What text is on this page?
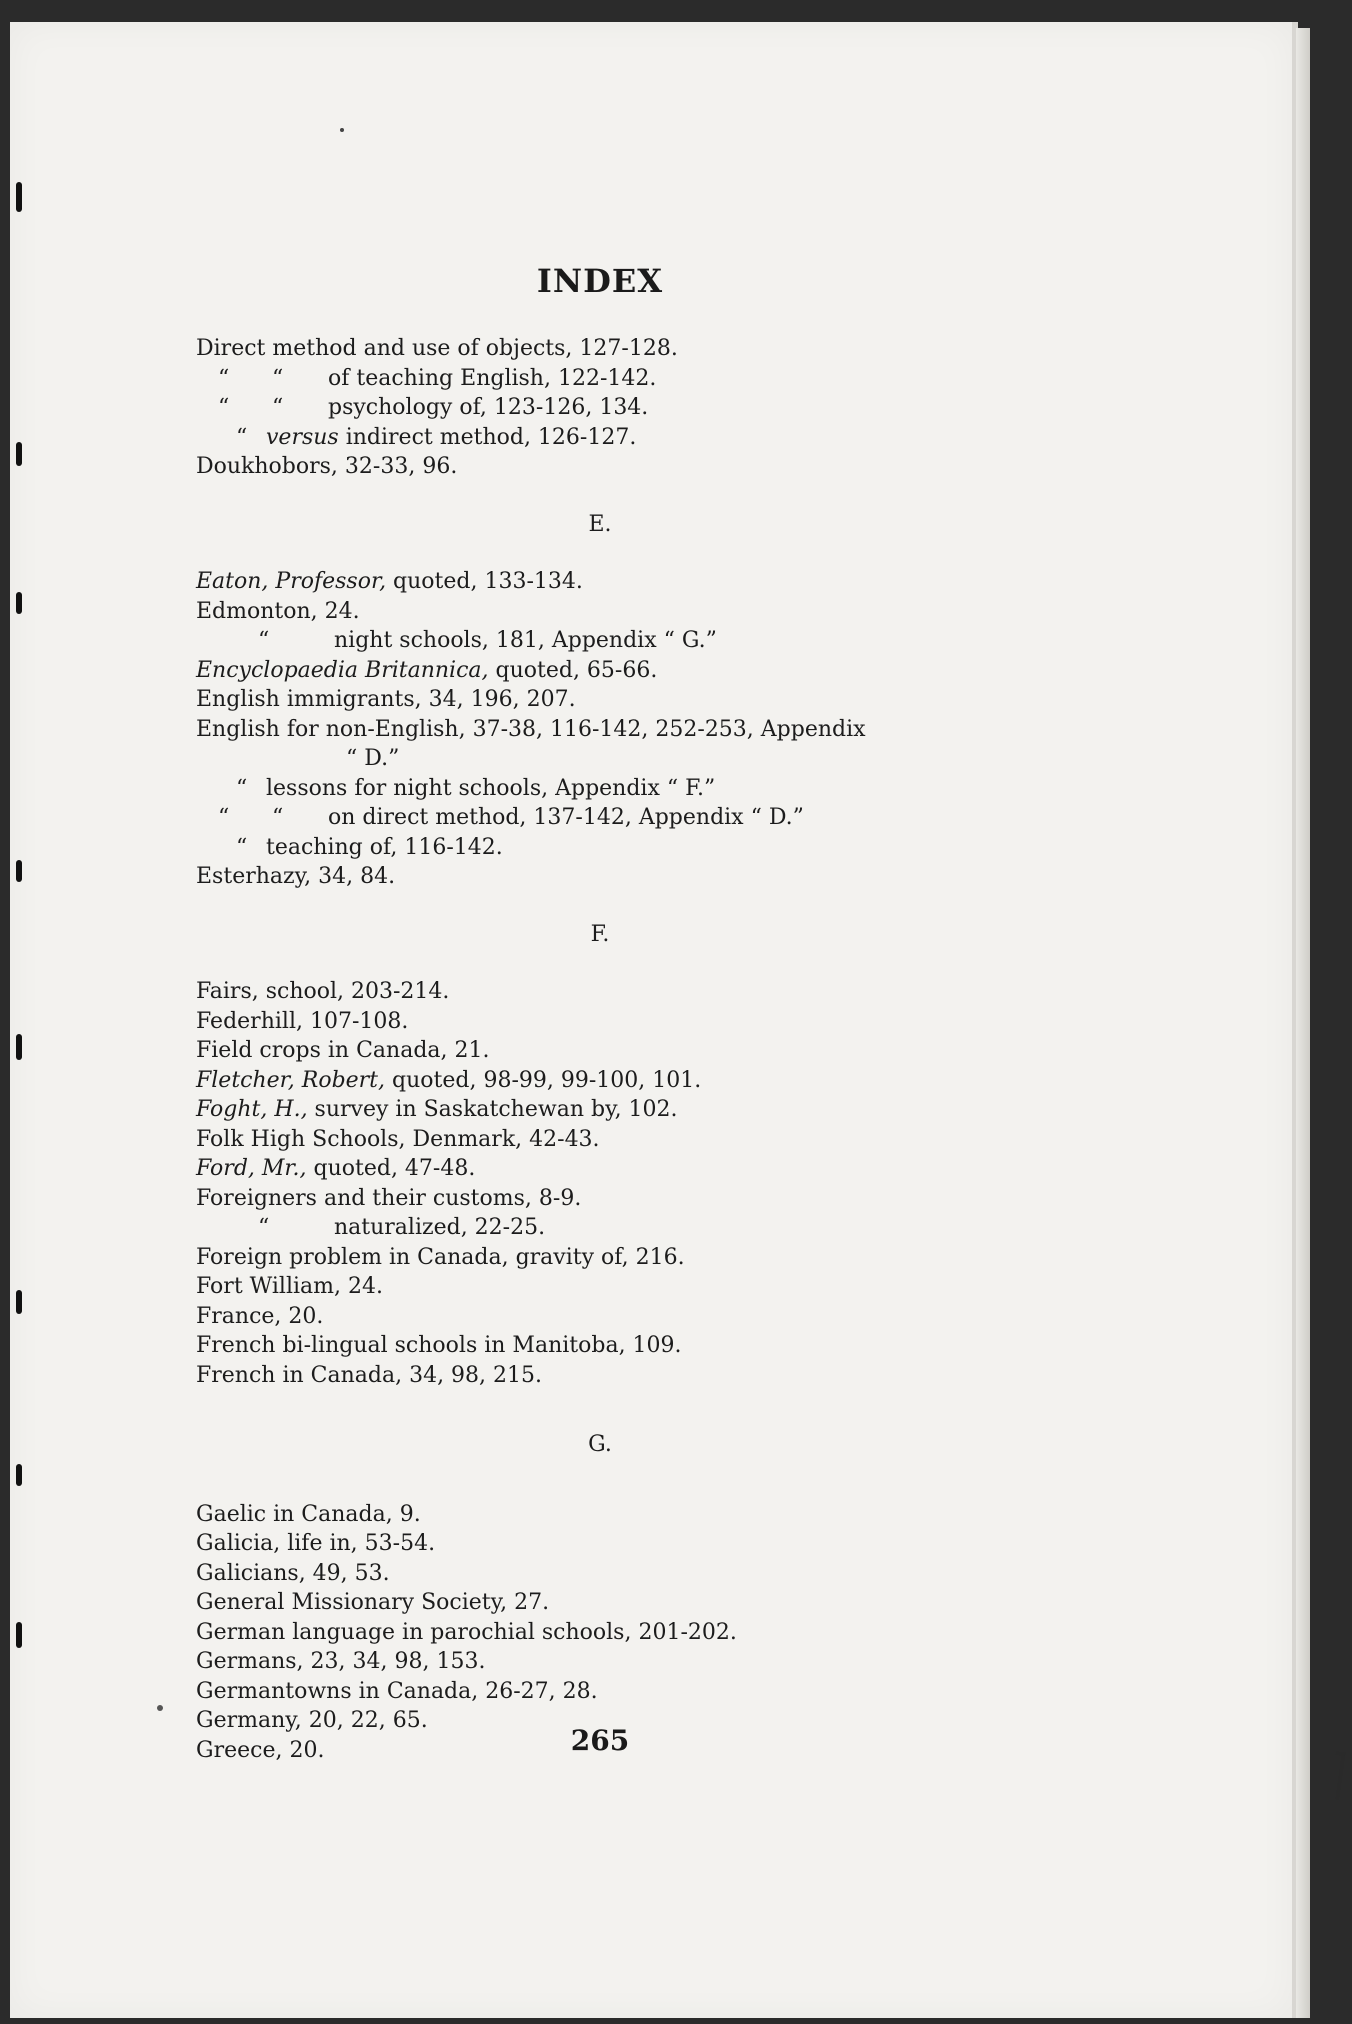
INDEX
Direct method and use of objects, 127-128.
“ “ of teaching English, 122-142.
“ “ psychology of, 123-126, 134.
“ versus indirect method, 126-127.
Doukhobors, 32-33, 96.
E.
Eaton, Professor, quoted, 133-134.
Edmonton, 24.
“	night schools, 181, Appendix “ G.”
Encyclopaedia Britannica, quoted, 65-66.
English immigrants, 34, 196, 207.
English for non-English, 37-38, 116-142, 252-253, Appendix
“ D.”
“ lessons for night schools, Appendix “ F.”
“ “ on direct method, 137-142, Appendix “ D.”
“ teaching of, 116-142.
Esterhazy, 34, 84.
F.
Fairs, school, 203-214.
Federhill, 107-108.
Field crops in Canada, 21.
Fletcher, Robert, quoted, 98-99, 99-100, 101.
Foght, H., survey in Saskatchewan by, 102.
Folk High Schools, Denmark, 42-43.
Ford, Mr., quoted, 47-48.
Foreigners and their customs, 8-9.
“	naturalized, 22-25.
Foreign problem in Canada, gravity of, 216.
Fort William, 24.
France, 20.
French bi-lingual schools in Manitoba, 109.
French in Canada, 34, 98, 215.
G.
Gaelic in Canada, 9.
Galicia, life in, 53-54.
Galicians, 49, 53.
General Missionary Society, 27.
German language in parochial schools, 201-202.
Germans, 23, 34, 98, 153.
Germantowns in Canada, 26-27, 28.
Germany, 20, 22, 65.
Greece, 20.	265
